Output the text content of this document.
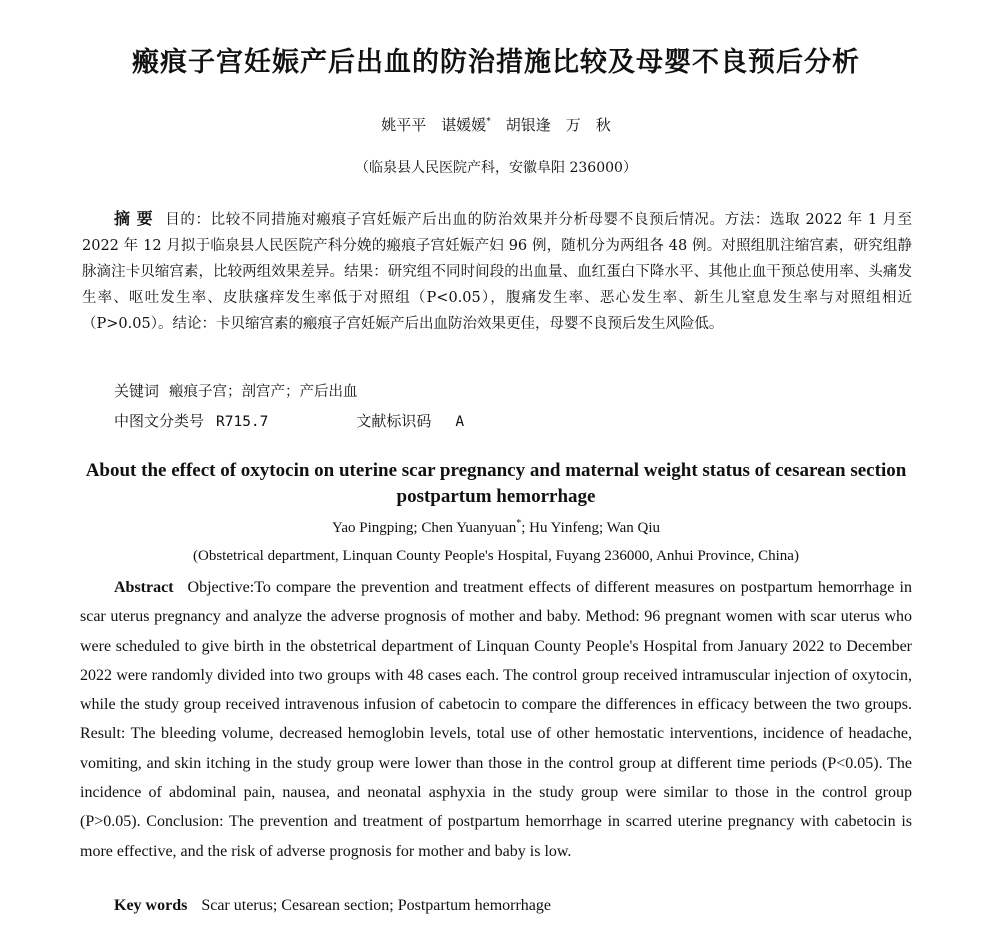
瘢痕子宫妊娠产后出血的防治措施比较及母婴不良预后分析
姚平平　谌媛媛*　胡银逢　万　秋
（临泉县人民医院产科，安徽阜阳 236000）
摘要 目的：比较不同措施对瘢痕子宫妊娠产后出血的防治效果并分析母婴不良预后情况。方法：选取 2022 年 1 月至 2022 年 12 月拟于临泉县人民医院产科分娩的瘢痕子宫妊娠产妇 96 例，随机分为两组各 48 例。对照组肌注缩宫素，研究组静脉滴注卡贝缩宫素，比较两组效果差异。结果：研究组不同时间段的出血量、血红蛋白下降水平、其他止血干预总使用率、头痛发生率、呕吐发生率、皮肤瘙痒发生率低于对照组（P<0.05），腹痛发生率、恶心发生率、新生儿窒息发生率与对照组相近（P>0.05）。结论：卡贝缩宫素的瘢痕子宫妊娠产后出血防治效果更佳，母婴不良预后发生风险低。
关键词 瘢痕子宫；剖宫产；产后出血
中图文分类号 R715.7	文献标识码 A
About the effect of oxytocin on uterine scar pregnancy and maternal weight status of cesarean section postpartum hemorrhage
Yao Pingping; Chen Yuanyuan*; Hu Yinfeng; Wan Qiu
(Obstetrical department, Linquan County People's Hospital, Fuyang 236000, Anhui Province, China)
Abstract Objective:To compare the prevention and treatment effects of different measures on postpartum hemorrhage in scar uterus pregnancy and analyze the adverse prognosis of mother and baby. Method: 96 pregnant women with scar uterus who were scheduled to give birth in the obstetrical department of Linquan County People's Hospital from January 2022 to December 2022 were randomly divided into two groups with 48 cases each. The control group received intramuscular injection of oxytocin, while the study group received intravenous infusion of cabetocin to compare the differences in efficacy between the two groups. Result: The bleeding volume, decreased hemoglobin levels, total use of other hemostatic interventions, incidence of headache, vomiting, and skin itching in the study group were lower than those in the control group at different time periods (P<0.05). The incidence of abdominal pain, nausea, and neonatal asphyxia in the study group were similar to those in the control group (P>0.05). Conclusion: The prevention and treatment of postpartum hemorrhage in scarred uterine pregnancy with cabetocin is more effective, and the risk of adverse prognosis for mother and baby is low.
Key words Scar uterus; Cesarean section; Postpartum hemorrhage
